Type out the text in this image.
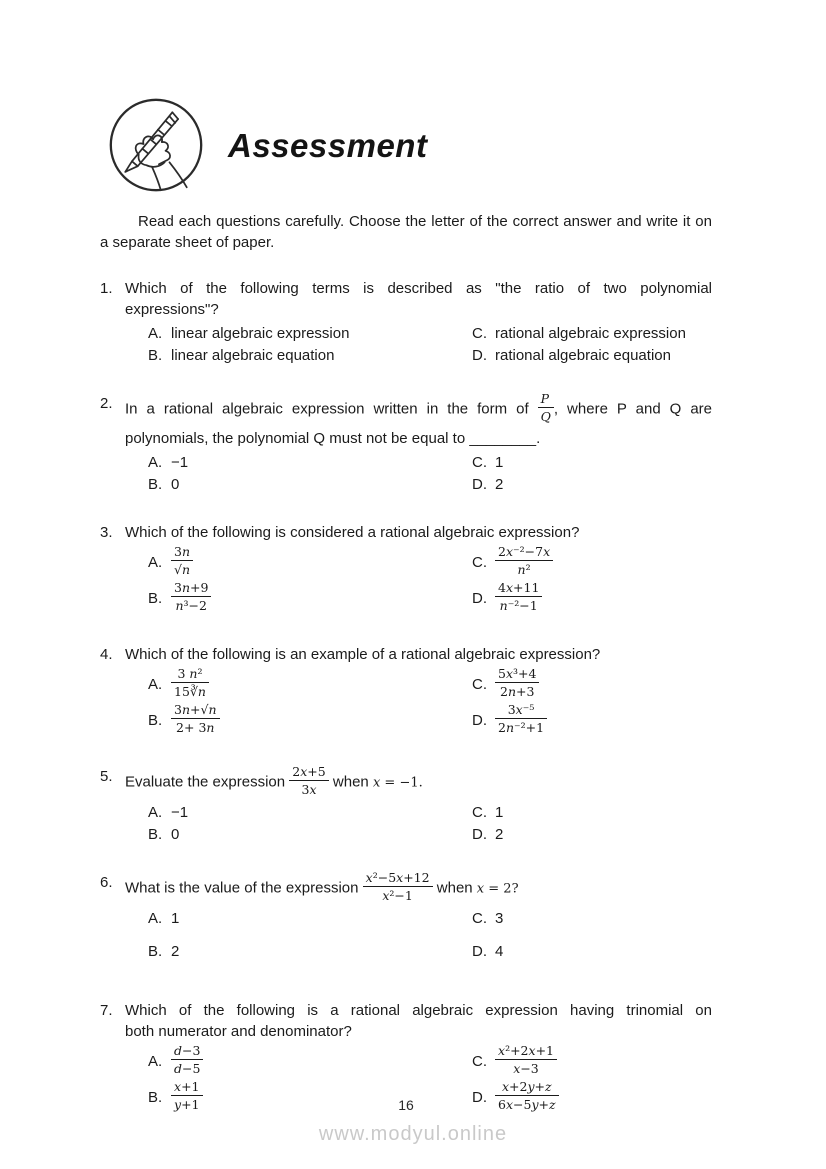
Assessment

Read each questions carefully. Choose the letter of the correct answer and write it on a separate sheet of paper.

1. Which of the following terms is described as "the ratio of two polynomial
expressions"?
A. linear algebraic expression
B. linear algebraic equation
C. rational algebraic expression
D. rational algebraic equation
2. In a rational algebraic expression written in the form of $\frac{P}{Q}$ , where P and Q are
polynomials, the polynomial Q must not be equal to ________.
A. −1
B. 0
C. 1
D. 2
3. Which of the following is considered a rational algebraic expression?
A. $\frac{3n}{√n}$
B. $\frac{3n+9}{\text{n³−2}}$
C. $\frac{\text{2x⁻²−7x}}{\text{n²}}$
D. $\frac{4x+11}{\text{n⁻²−1}}$
4. Which of the following is an example of a rational algebraic expression?
A. $\frac{\text{3 n²}}{15∛n}$
B. $\frac{3n+√n}{2+ 3n}$
C. $\frac{\text{5x³+4}}{2n+3}$
D. $\frac{\text{3x⁻⁵}}{\text{2n⁻²+1}}$
5. Evaluate the expression $\frac{2x+5}{3x}$ when x = −1.
A. −1
B. 0
C. 1
D. 2
6. What is the value of the expression $\frac{\text{x²−5x+12}}{\text{x²−1}}$ when x = 2?
A. 1
B. 2
C. 3
D. 4
7. Which of the following is a rational algebraic expression having trinomial on
both numerator and denominator?
A. $\frac{d-3}{d-5}$
B. $\frac{x+1}{y+1}$
C. $\frac{\text{x²+2x+1}}{x-3}$
D. $\frac{x+2y+z}{6x-5y+z}$
16
www.modyul.online
